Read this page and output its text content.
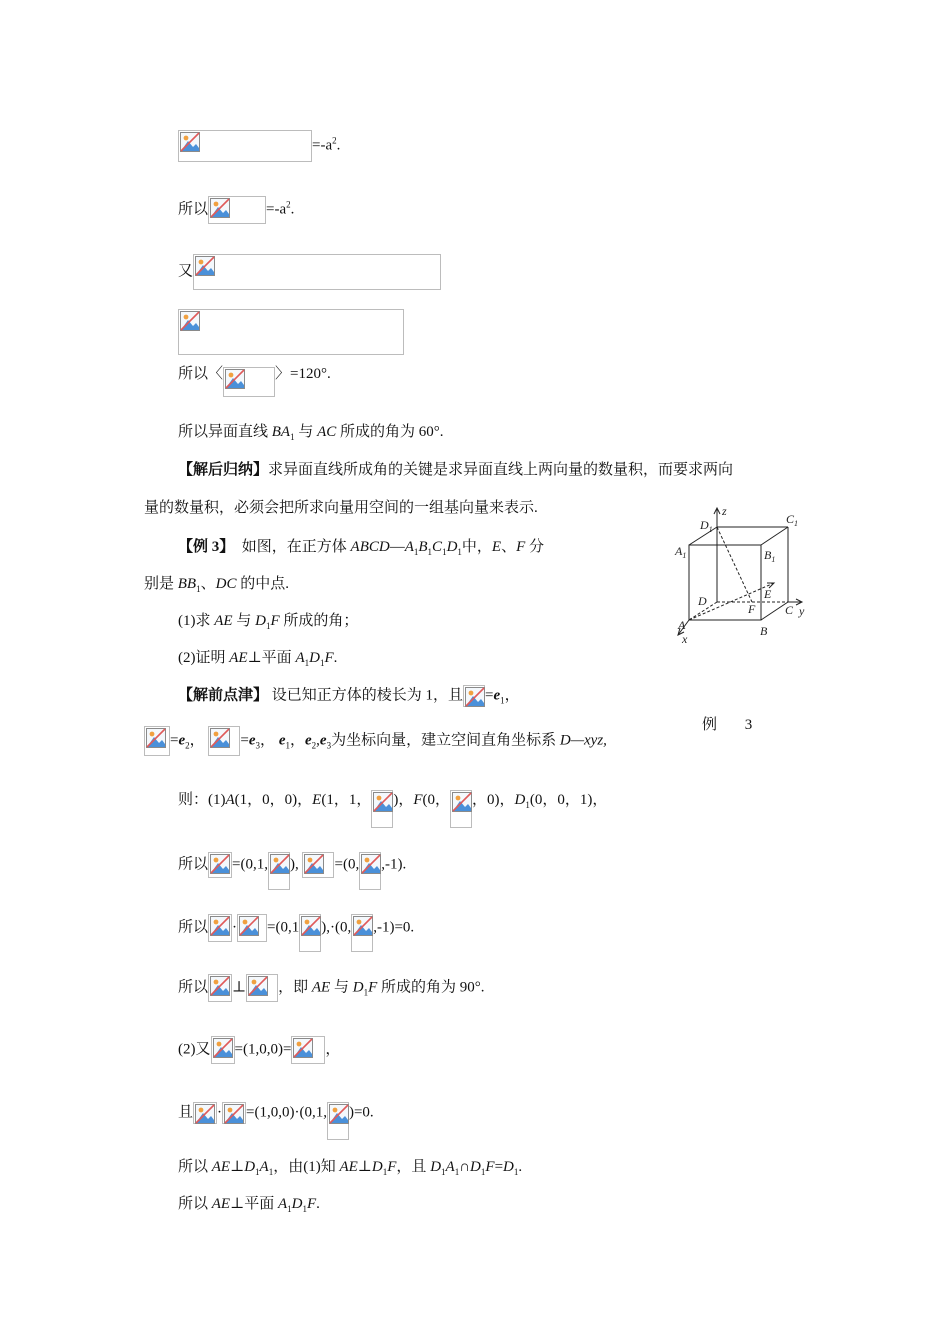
$=-a^2$.
所以	$=-a^2$.
又
所以〈	〉=120°.
所以异面直线 $BA_1$ 与 AC 所成的角为 60°.
【解后归纳】求异面直线所成角的关键是求异面直线上两向量的数量积，而要求两向
量的数量积，必须会把所求向量用空间的一组基向量来表示.
【例 3】 如图，在正方体 $ABCD—A_1B_1C_1D_1$中，E、F 分
别是 $BB_1$、DC 的中点.
(1)求 AE 与 $D_1F$ 所成的角；
(2)证明 AE⊥平面 $A_1D_1F$.
【解前点津】 设已知正方体的棱长为 1，且 $=e_1$，
$=e_2$， $=e_3$， $e_1$，$e_2,e_3$为坐标向量，建立空间直角坐标系 D—xyz,
则：(1)A(1，0，0)，E(1，1， )，F(0， ，0)，$D_1(0$，0，1)，
所以 =(0,1, ), =(0, ,-1).
所以 · =(0,1 ),·(0, ,-1)=0.
所以 ⊥ ，即 AE 与 $D_1F$ 所成的角为 90°.
(2)又 =(1,0,0)= ，
且 · =(1,0,0)·(0,1, )=0.
所以 $AE\perp D_1A_1$，由(1)知 $AE\perp D_1F$，且 $D_1A_1\cap D_1F=D_1$.
所以 AE⊥平面 $A_1D_1F$.
z
y
x
$D_1$
$C_1$
$A_1$	$B_1$
D	E
F C
A	B
例 3
